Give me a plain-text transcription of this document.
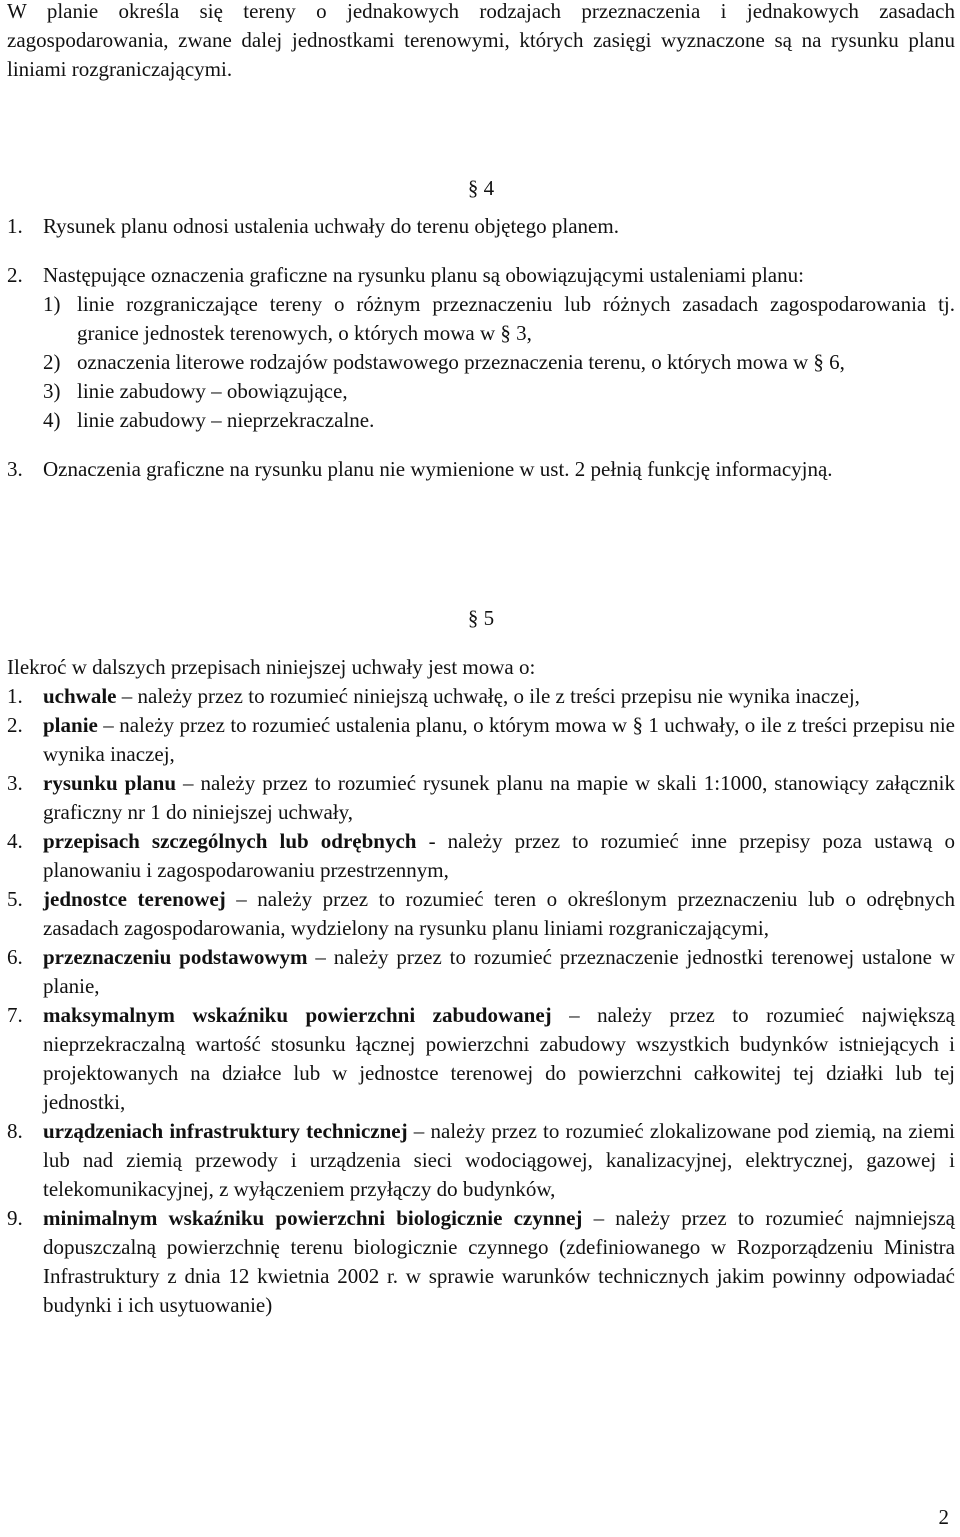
W planie określa się tereny o jednakowych rodzajach przeznaczenia i jednakowych zasadach zagospodarowania, zwane dalej jednostkami terenowymi, których zasięgi wyznaczone są na rysunku planu liniami rozgraniczającymi.

§ 4

1. Rysunek planu odnosi ustalenia uchwały do terenu objętego planem.
2. Następujące oznaczenia graficzne na rysunku planu są obowiązującymi ustaleniami planu:

1) linie rozgraniczające tereny o różnym przeznaczeniu lub różnych zasadach zagospodarowania tj. granice jednostek terenowych, o których mowa w § 3,
2) oznaczenia literowe rodzajów podstawowego przeznaczenia terenu, o których mowa w § 6,
3) linie zabudowy – obowiązujące,
4) linie zabudowy – nieprzekraczalne.
3. Oznaczenia graficzne na rysunku planu nie wymienione w ust. 2 pełnią funkcję informacyjną.

§ 5

Ilekroć w dalszych przepisach niniejszej uchwały jest mowa o:

1. uchwale – należy przez to rozumieć niniejszą uchwałę, o ile z treści przepisu nie wynika inaczej,
2. planie – należy przez to rozumieć ustalenia planu, o którym mowa w § 1 uchwały, o ile z treści przepisu nie wynika inaczej,
3. rysunku planu – należy przez to rozumieć rysunek planu na mapie w skali 1:1000, stanowiący załącznik graficzny nr 1 do niniejszej uchwały,
4. przepisach szczególnych lub odrębnych - należy przez to rozumieć inne przepisy poza ustawą o planowaniu i zagospodarowaniu przestrzennym,
5. jednostce terenowej – należy przez to rozumieć teren o określonym przeznaczeniu lub o odrębnych zasadach zagospodarowania, wydzielony na rysunku planu liniami rozgraniczającymi,
6. przeznaczeniu podstawowym – należy przez to rozumieć przeznaczenie jednostki terenowej ustalone w planie,
7. maksymalnym wskaźniku powierzchni zabudowanej – należy przez to rozumieć największą nieprzekraczalną wartość stosunku łącznej powierzchni zabudowy wszystkich budynków istniejących i projektowanych na działce lub w jednostce terenowej do powierzchni całkowitej tej działki lub tej jednostki,
8. urządzeniach infrastruktury technicznej – należy przez to rozumieć zlokalizowane pod ziemią, na ziemi lub nad ziemią przewody i urządzenia sieci wodociągowej, kanalizacyjnej, elektrycznej, gazowej i telekomunikacyjnej, z wyłączeniem przyłączy do budynków,
9. minimalnym wskaźniku powierzchni biologicznie czynnej – należy przez to rozumieć najmniejszą dopuszczalną powierzchnię terenu biologicznie czynnego (zdefiniowanego w Rozporządzeniu Ministra Infrastruktury z dnia 12 kwietnia 2002 r. w sprawie warunków technicznych jakim powinny odpowiadać budynki i ich usytuowanie)

2
